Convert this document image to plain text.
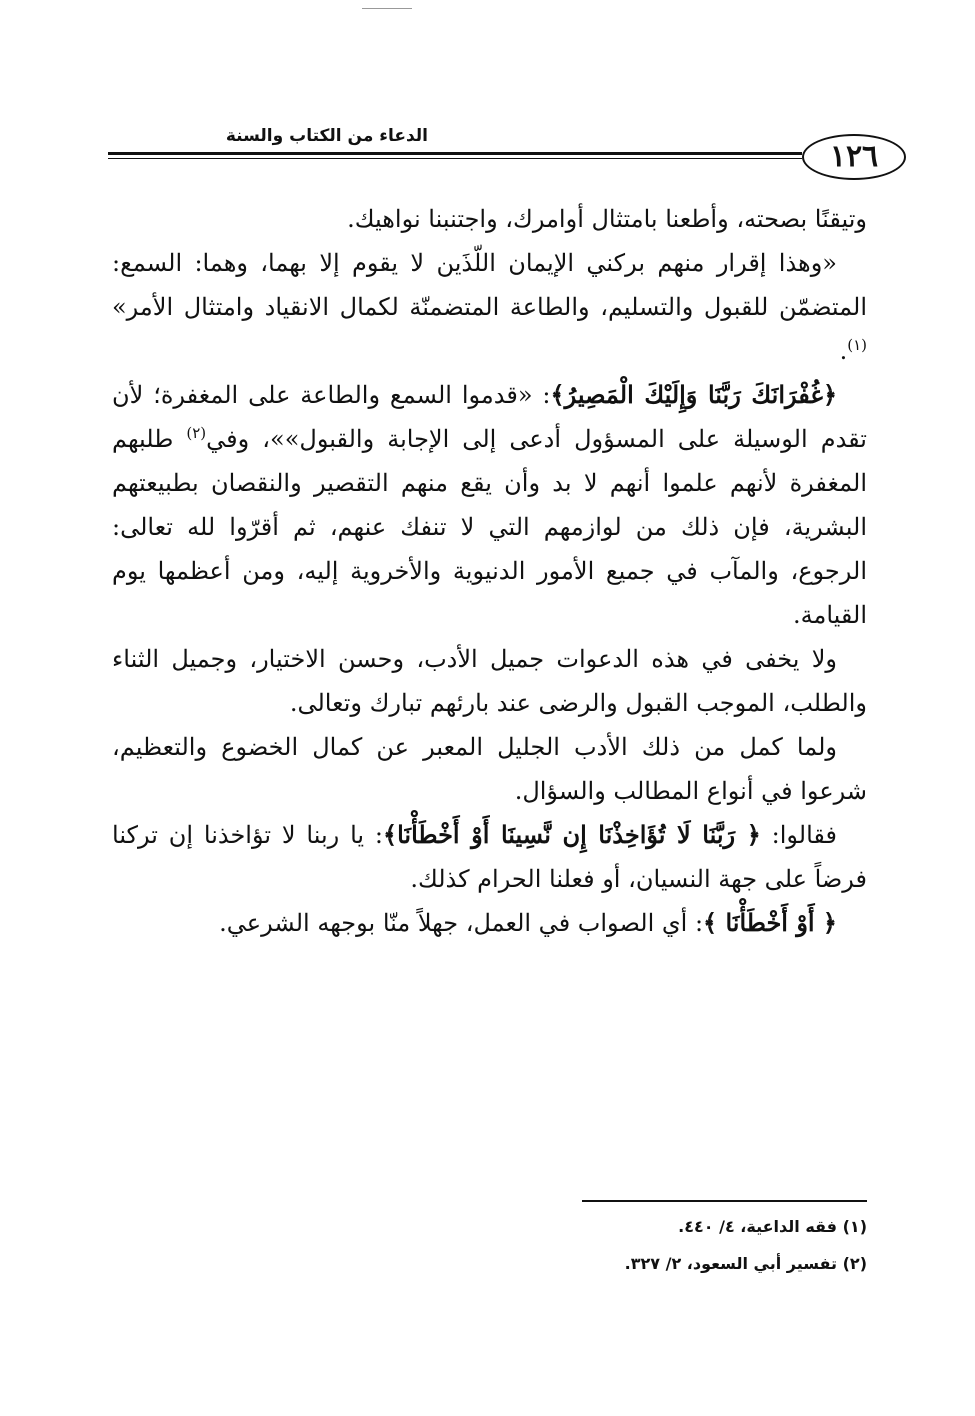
الدعاء من الكتاب والسنة
١٢٦

وتيقنًا بصحته، وأطعنا بامتثال أوامرك، واجتنبنا نواهيك.

«وهذا إقرار منهم بركني الإيمان اللّذَين لا يقوم إلا بهما، وهما: السمع: المتضمّن للقبول والتسليم، والطاعة المتضمنّة لكمال الانقياد وامتثال الأمر» $^{(١)}$.

﴿غُفْرَانَكَ رَبَّنَا وَإِلَيْكَ الْمَصِيرُ﴾: «قدموا السمع والطاعة على المغفرة؛ لأن تقدم الوسيلة على المسؤول أدعى إلى الإجابة والقبول»»، وفي$^{(٢)}$ طلبهم المغفرة لأنهم علموا أنهم لا بد وأن يقع منهم التقصير والنقصان بطبيعتهم البشرية، فإن ذلك من لوازمهم التي لا تنفك عنهم، ثم أقرّوا لله تعالى: الرجوع، والمآب في جميع الأمور الدنيوية والأخروية إليه، ومن أعظمها يوم القيامة.

ولا يخفى في هذه الدعوات جميل الأدب، وحسن الاختيار، وجميل الثناء والطلب، الموجب القبول والرضى عند بارئهم تبارك وتعالى.

ولما كمل من ذلك الأدب الجليل المعبر عن كمال الخضوع والتعظيم، شرعوا في أنواع المطالب والسؤال.

فقالوا: ﴿ رَبَّنَا لَا تُؤَاخِذْنَا إِن نَّسِينَا أَوْ أَخْطَأْنَا﴾: يا ربنا لا تؤاخذنا إن تركنا فرضاً على جهة النسيان، أو فعلنا الحرام كذلك.

﴿ أَوْ أَخْطَأْنَا ﴾: أي الصواب في العمل، جهلاً منّا بوجهه الشرعي.

(١) فقه الداعية، ٤/ ٤٤٠.

(٢) تفسير أبي السعود، ٢/ ٣٢٧.
